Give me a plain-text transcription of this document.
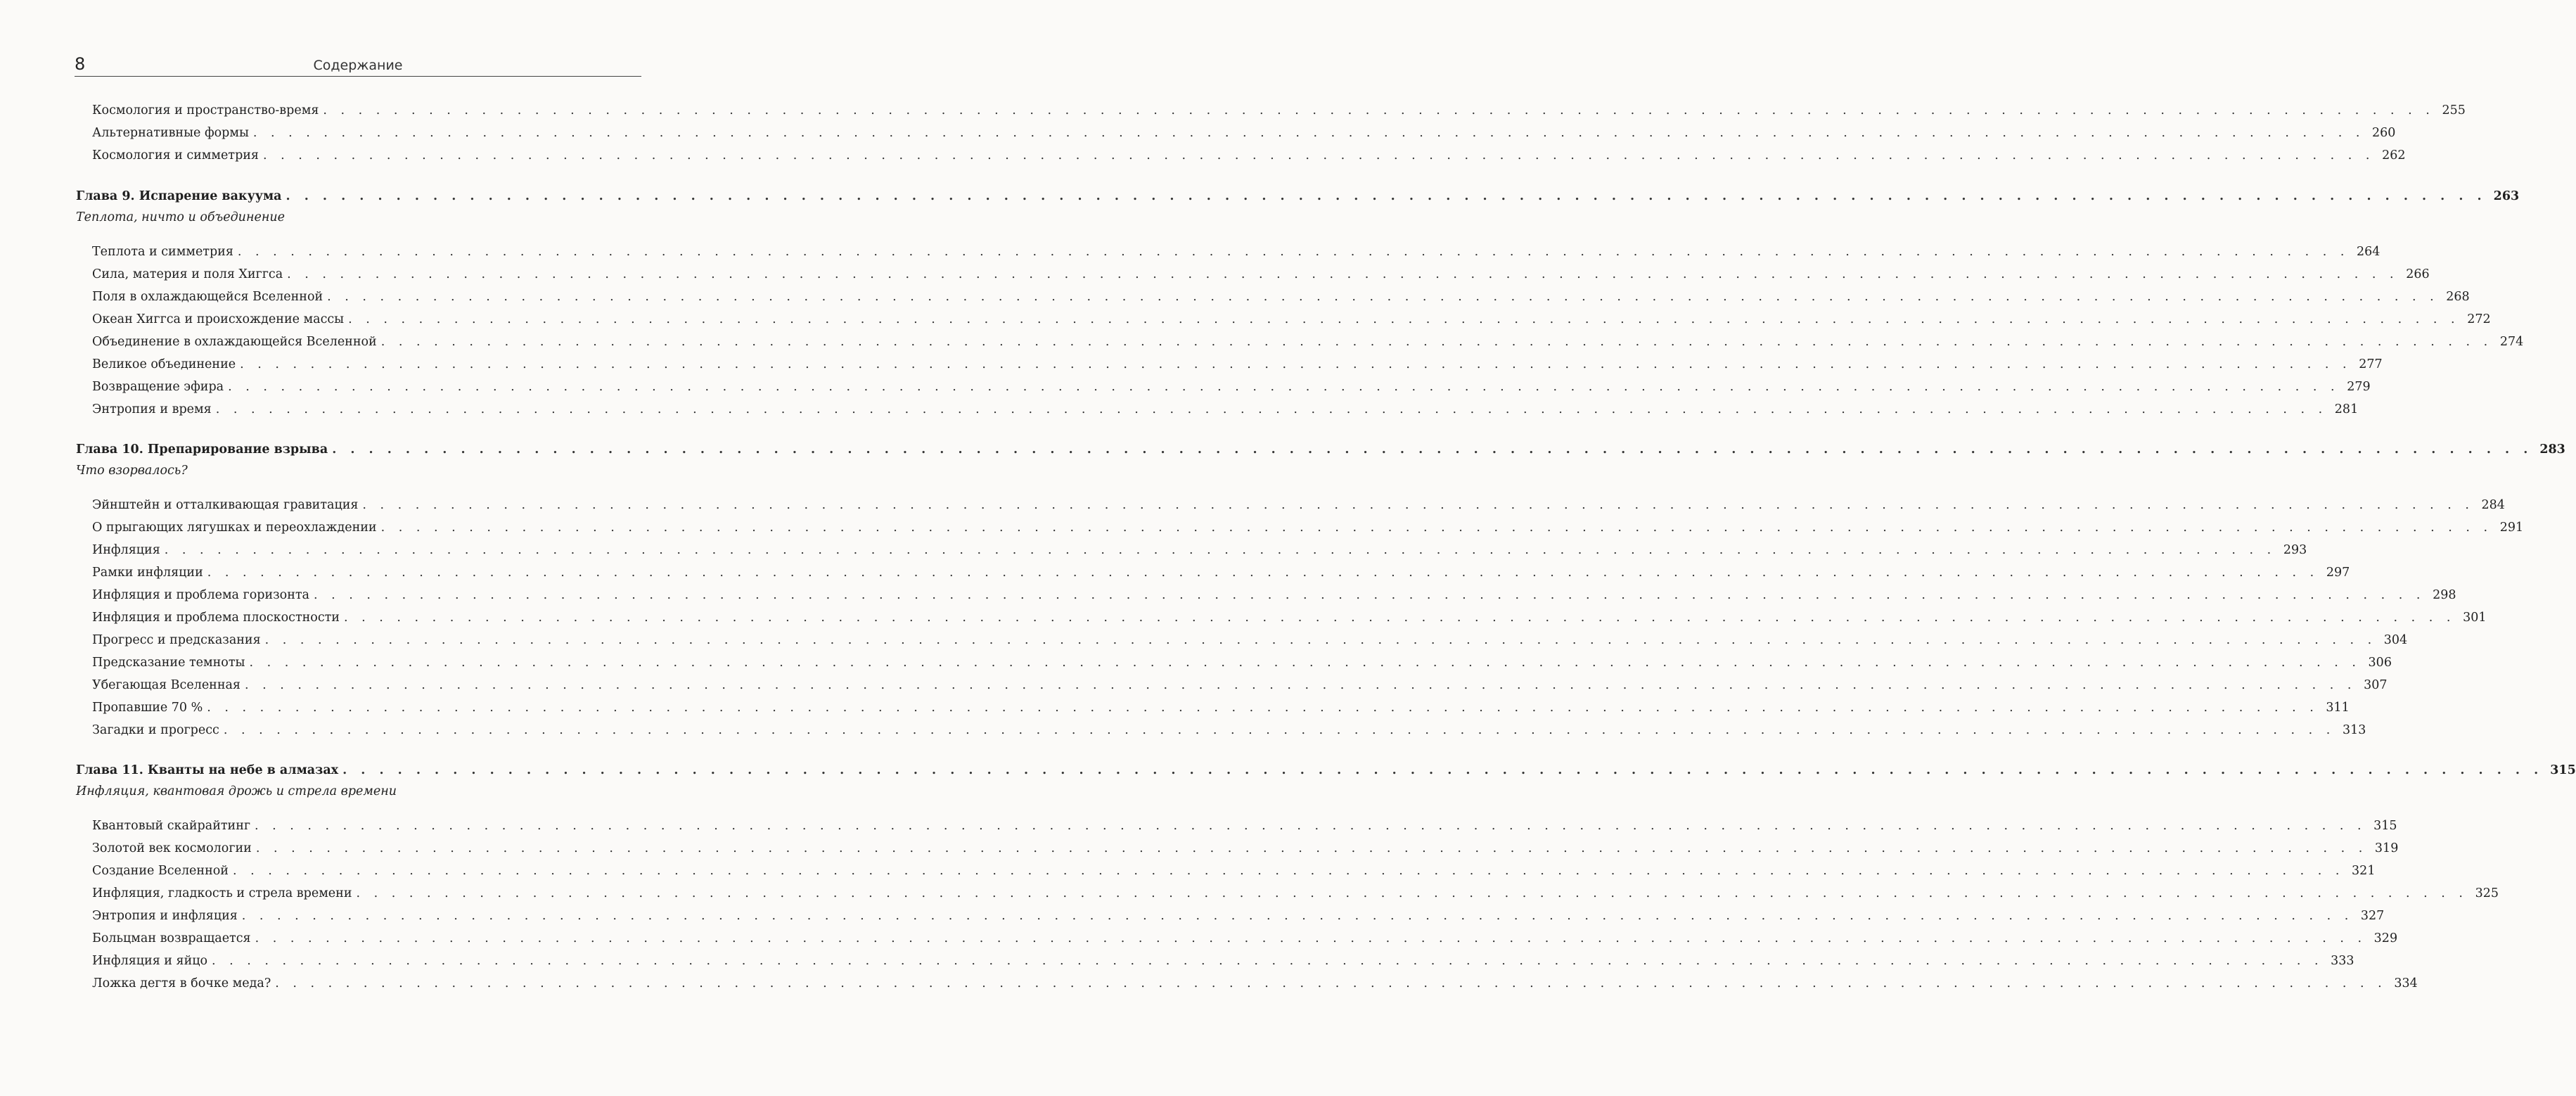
8	Содержание
Космология и пространство-время . . . . . . . . . . . . . . . . . . . . . . . . . . . . . . . . . . . . . . . . . . . . . . . . . . . . . . . . . . . . . . . . . . . . . . . . . . . . . . . . . . . . . . . . . . . . . . . . . . . . . . . . . . . . . . . . . . . . . . . . 255
Альтернативные формы . . . . . . . . . . . . . . . . . . . . . . . . . . . . . . . . . . . . . . . . . . . . . . . . . . . . . . . . . . . . . . . . . . . . . . . . . . . . . . . . . . . . . . . . . . . . . . . . . . . . . . . . . . . . . . . . . . . . . . . . 260
Космология и симметрия . . . . . . . . . . . . . . . . . . . . . . . . . . . . . . . . . . . . . . . . . . . . . . . . . . . . . . . . . . . . . . . . . . . . . . . . . . . . . . . . . . . . . . . . . . . . . . . . . . . . . . . . . . . . . . . . . . . . . . . . 262
Глава 9. Испарение вакуума . . . . . . . . . . . . . . . . . . . . . . . . . . . . . . . . . . . . . . . . . . . . . . . . . . . . . . . . . . . . . . . . . . . . . . . . . . . . . . . . . . . . . . . . . . . . . . . . . . . . . . . . . . . . . . . . . . . . . . . . 263
Теплота, ничто и объединение
Теплота и симметрия . . . . . . . . . . . . . . . . . . . . . . . . . . . . . . . . . . . . . . . . . . . . . . . . . . . . . . . . . . . . . . . . . . . . . . . . . . . . . . . . . . . . . . . . . . . . . . . . . . . . . . . . . . . . . . . . . . . . . . . . 264
Сила, материя и поля Хиггса . . . . . . . . . . . . . . . . . . . . . . . . . . . . . . . . . . . . . . . . . . . . . . . . . . . . . . . . . . . . . . . . . . . . . . . . . . . . . . . . . . . . . . . . . . . . . . . . . . . . . . . . . . . . . . . . . . . . . . . . 266
Поля в охлаждающейся Вселенной . . . . . . . . . . . . . . . . . . . . . . . . . . . . . . . . . . . . . . . . . . . . . . . . . . . . . . . . . . . . . . . . . . . . . . . . . . . . . . . . . . . . . . . . . . . . . . . . . . . . . . . . . . . . . . . . . . . . . . . . 268
Океан Хиггса и происхождение массы . . . . . . . . . . . . . . . . . . . . . . . . . . . . . . . . . . . . . . . . . . . . . . . . . . . . . . . . . . . . . . . . . . . . . . . . . . . . . . . . . . . . . . . . . . . . . . . . . . . . . . . . . . . . . . . . . . . . . . . . 272
Объединение в охлаждающейся Вселенной . . . . . . . . . . . . . . . . . . . . . . . . . . . . . . . . . . . . . . . . . . . . . . . . . . . . . . . . . . . . . . . . . . . . . . . . . . . . . . . . . . . . . . . . . . . . . . . . . . . . . . . . . . . . . . . . . . . . . . . . 274
Великое объединение . . . . . . . . . . . . . . . . . . . . . . . . . . . . . . . . . . . . . . . . . . . . . . . . . . . . . . . . . . . . . . . . . . . . . . . . . . . . . . . . . . . . . . . . . . . . . . . . . . . . . . . . . . . . . . . . . . . . . . . . 277
Возвращение эфира . . . . . . . . . . . . . . . . . . . . . . . . . . . . . . . . . . . . . . . . . . . . . . . . . . . . . . . . . . . . . . . . . . . . . . . . . . . . . . . . . . . . . . . . . . . . . . . . . . . . . . . . . . . . . . . . . . . . . . . . 279
Энтропия и время . . . . . . . . . . . . . . . . . . . . . . . . . . . . . . . . . . . . . . . . . . . . . . . . . . . . . . . . . . . . . . . . . . . . . . . . . . . . . . . . . . . . . . . . . . . . . . . . . . . . . . . . . . . . . . . . . . . . . . . . 281
Глава 10. Препарирование взрыва . . . . . . . . . . . . . . . . . . . . . . . . . . . . . . . . . . . . . . . . . . . . . . . . . . . . . . . . . . . . . . . . . . . . . . . . . . . . . . . . . . . . . . . . . . . . . . . . . . . . . . . . . . . . . . . . . . . . . . . . 283
Что взорвалось?
Эйнштейн и отталкивающая гравитация . . . . . . . . . . . . . . . . . . . . . . . . . . . . . . . . . . . . . . . . . . . . . . . . . . . . . . . . . . . . . . . . . . . . . . . . . . . . . . . . . . . . . . . . . . . . . . . . . . . . . . . . . . . . . . . . . . . . . . . . 284
О прыгающих лягушках и переохлаждении . . . . . . . . . . . . . . . . . . . . . . . . . . . . . . . . . . . . . . . . . . . . . . . . . . . . . . . . . . . . . . . . . . . . . . . . . . . . . . . . . . . . . . . . . . . . . . . . . . . . . . . . . . . . . . . . . . . . . . . . 291
Инфляция . . . . . . . . . . . . . . . . . . . . . . . . . . . . . . . . . . . . . . . . . . . . . . . . . . . . . . . . . . . . . . . . . . . . . . . . . . . . . . . . . . . . . . . . . . . . . . . . . . . . . . . . . . . . . . . . . . . . . . . . 293
Рамки инфляции . . . . . . . . . . . . . . . . . . . . . . . . . . . . . . . . . . . . . . . . . . . . . . . . . . . . . . . . . . . . . . . . . . . . . . . . . . . . . . . . . . . . . . . . . . . . . . . . . . . . . . . . . . . . . . . . . . . . . . . . 297
Инфляция и проблема горизонта . . . . . . . . . . . . . . . . . . . . . . . . . . . . . . . . . . . . . . . . . . . . . . . . . . . . . . . . . . . . . . . . . . . . . . . . . . . . . . . . . . . . . . . . . . . . . . . . . . . . . . . . . . . . . . . . . . . . . . . . 298
Инфляция и проблема плоскостности . . . . . . . . . . . . . . . . . . . . . . . . . . . . . . . . . . . . . . . . . . . . . . . . . . . . . . . . . . . . . . . . . . . . . . . . . . . . . . . . . . . . . . . . . . . . . . . . . . . . . . . . . . . . . . . . . . . . . . . . 301
Прогресс и предсказания . . . . . . . . . . . . . . . . . . . . . . . . . . . . . . . . . . . . . . . . . . . . . . . . . . . . . . . . . . . . . . . . . . . . . . . . . . . . . . . . . . . . . . . . . . . . . . . . . . . . . . . . . . . . . . . . . . . . . . . . 304
Предсказание темноты . . . . . . . . . . . . . . . . . . . . . . . . . . . . . . . . . . . . . . . . . . . . . . . . . . . . . . . . . . . . . . . . . . . . . . . . . . . . . . . . . . . . . . . . . . . . . . . . . . . . . . . . . . . . . . . . . . . . . . . . 306
Убегающая Вселенная . . . . . . . . . . . . . . . . . . . . . . . . . . . . . . . . . . . . . . . . . . . . . . . . . . . . . . . . . . . . . . . . . . . . . . . . . . . . . . . . . . . . . . . . . . . . . . . . . . . . . . . . . . . . . . . . . . . . . . . . 307
Пропавшие 70 % . . . . . . . . . . . . . . . . . . . . . . . . . . . . . . . . . . . . . . . . . . . . . . . . . . . . . . . . . . . . . . . . . . . . . . . . . . . . . . . . . . . . . . . . . . . . . . . . . . . . . . . . . . . . . . . . . . . . . . . . 311
Загадки и прогресс . . . . . . . . . . . . . . . . . . . . . . . . . . . . . . . . . . . . . . . . . . . . . . . . . . . . . . . . . . . . . . . . . . . . . . . . . . . . . . . . . . . . . . . . . . . . . . . . . . . . . . . . . . . . . . . . . . . . . . . . 313
Глава 11. Кванты на небе в алмазах . . . . . . . . . . . . . . . . . . . . . . . . . . . . . . . . . . . . . . . . . . . . . . . . . . . . . . . . . . . . . . . . . . . . . . . . . . . . . . . . . . . . . . . . . . . . . . . . . . . . . . . . . . . . . . . . . . . . . . . . 315
Инфляция, квантовая дрожь и стрела времени
Квантовый скайрайтинг . . . . . . . . . . . . . . . . . . . . . . . . . . . . . . . . . . . . . . . . . . . . . . . . . . . . . . . . . . . . . . . . . . . . . . . . . . . . . . . . . . . . . . . . . . . . . . . . . . . . . . . . . . . . . . . . . . . . . . . . 315
Золотой век космологии . . . . . . . . . . . . . . . . . . . . . . . . . . . . . . . . . . . . . . . . . . . . . . . . . . . . . . . . . . . . . . . . . . . . . . . . . . . . . . . . . . . . . . . . . . . . . . . . . . . . . . . . . . . . . . . . . . . . . . . . 319
Создание Вселенной . . . . . . . . . . . . . . . . . . . . . . . . . . . . . . . . . . . . . . . . . . . . . . . . . . . . . . . . . . . . . . . . . . . . . . . . . . . . . . . . . . . . . . . . . . . . . . . . . . . . . . . . . . . . . . . . . . . . . . . . 321
Инфляция, гладкость и стрела времени . . . . . . . . . . . . . . . . . . . . . . . . . . . . . . . . . . . . . . . . . . . . . . . . . . . . . . . . . . . . . . . . . . . . . . . . . . . . . . . . . . . . . . . . . . . . . . . . . . . . . . . . . . . . . . . . . . . . . . . . 325
Энтропия и инфляция . . . . . . . . . . . . . . . . . . . . . . . . . . . . . . . . . . . . . . . . . . . . . . . . . . . . . . . . . . . . . . . . . . . . . . . . . . . . . . . . . . . . . . . . . . . . . . . . . . . . . . . . . . . . . . . . . . . . . . . . 327
Больцман возвращается . . . . . . . . . . . . . . . . . . . . . . . . . . . . . . . . . . . . . . . . . . . . . . . . . . . . . . . . . . . . . . . . . . . . . . . . . . . . . . . . . . . . . . . . . . . . . . . . . . . . . . . . . . . . . . . . . . . . . . . . 329
Инфляция и яйцо . . . . . . . . . . . . . . . . . . . . . . . . . . . . . . . . . . . . . . . . . . . . . . . . . . . . . . . . . . . . . . . . . . . . . . . . . . . . . . . . . . . . . . . . . . . . . . . . . . . . . . . . . . . . . . . . . . . . . . . . 333
Ложка дегтя в бочке меда? . . . . . . . . . . . . . . . . . . . . . . . . . . . . . . . . . . . . . . . . . . . . . . . . . . . . . . . . . . . . . . . . . . . . . . . . . . . . . . . . . . . . . . . . . . . . . . . . . . . . . . . . . . . . . . . . . . . . . . . . 334
